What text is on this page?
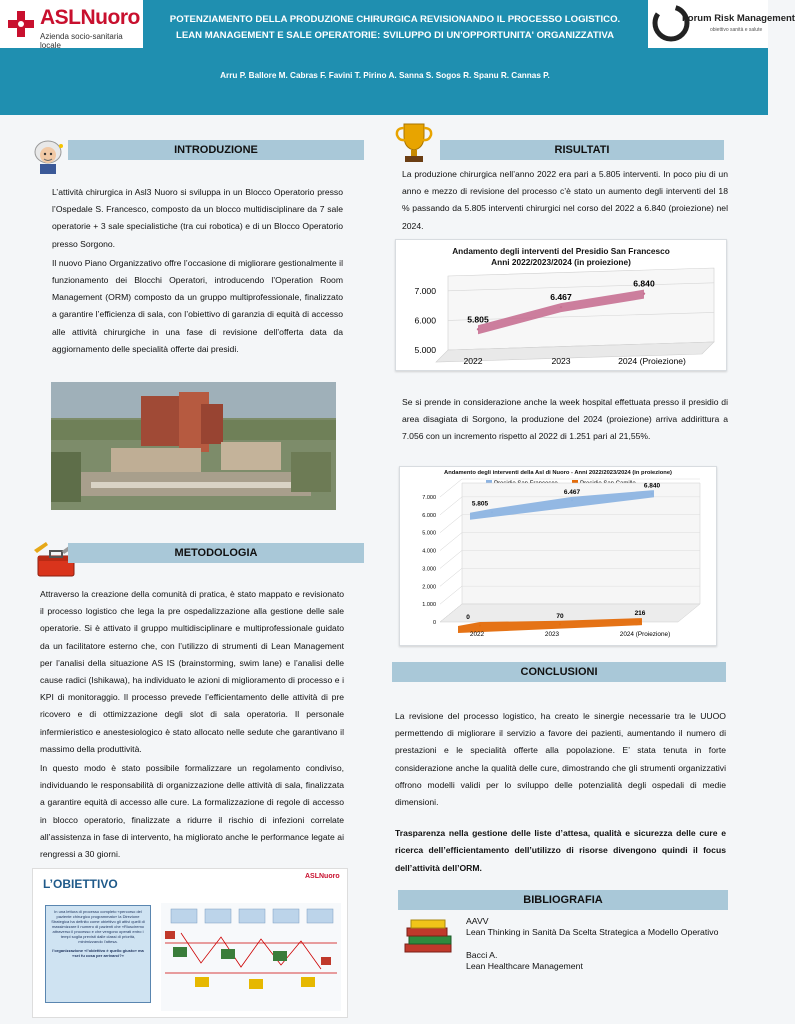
ASLNuoro
Azienda socio-sanitaria locale
POTENZIAMENTO DELLA PRODUZIONE CHIRURGICA REVISIONANDO IL PROCESSO LOGISTICO.
LEAN MANAGEMENT E SALE OPERATORIE: SVILUPPO DI UN'OPPORTUNITA' ORGANIZZATIVA
Arru P. Ballore M. Cabras F. Favini T. Pirino A. Sanna S. Sogos R. Spanu R. Cannas P.
Forum Risk Management
obiettivo sanità e salute
INTRODUZIONE

L’attività chirurgica in Asl3 Nuoro si sviluppa in un Blocco Operatorio presso l’Ospedale S. Francesco, composto da un blocco multidisciplinare da 7 sale operatorie + 3 sale specialistiche (tra cui robotica) e di un Blocco Operatorio presso Sorgono.

Il nuovo Piano Organizzativo offre l’occasione di migliorare gestionalmente il funzionamento dei Blocchi Operatori, introducendo l’Operation Room Management (ORM) composto da un gruppo multiprofessionale, finalizzato a garantire l’efficienza di sala, con l’obiettivo di garanzia di equità di accesso alle attività chirurgiche in una fase di revisione dell’offerta data da aggiornamento delle specialità offerte dai presidi.

METODOLOGIA

Attraverso la creazione della comunità di pratica, è stato mappato e revisionato il processo logistico che lega la pre ospedalizzazione alla gestione delle sale operatorie. Si è attivato il gruppo multidisciplinare e multiprofessionale guidato da un facilitatore esterno che, con l’utilizzo di strumenti di Lean Management per l’analisi della situazione AS IS (brainstorming, swim lane) e l’analisi delle cause radici (Ishikawa), ha individuato le azioni di miglioramento di processo e i KPI di monitoraggio. Il processo prevede l’efficientamento delle attività di pre ricovero e di ottimizzazione degli slot di sala operatoria. Il personale infermieristico e anestesiologico è stato allocato nelle sedute che garantivano il massimo della produttività.

In questo modo è stato possibile formalizzare un regolamento condiviso, individuando le responsabilità di organizzazione delle attività di sala, finalizzata a garantire equità di accesso alle cure. La formalizzazione di regole di accesso in blocco operatorio, finalizzate a ridurre il rischio di infezioni correlate all’assistenza in fase di intervento, ha migliorato anche le performance legate ai rengressi a 30 giorni.

L’OBIETTIVO
ASLNuoro
In una lettura di processo completo «percorso del paziente chirurgico programmato» la Direzione Strategica ha definito come obiettivo gli attivi quelli di massimizzare il numero di pazienti che «Riusciremo attraverso il processo e che vengono operati entro i tempi soglia previsti dalle classi di priorità, minimizzando l’attesa.
l’organizzazione «l’obiettivo è quello giusto» ma «sei fu cosa per arrivarci?»
RISULTATI
La produzione chirurgica nell’anno 2022 era pari a 5.805 interventi. In poco piu di un anno e mezzo di revisione del processo c’è stato un aumento degli interventi del 18 % passando da 5.805 interventi chirurgici nel corso del 2022 a 6.840 (proiezione) nel 2024.
Andamento degli interventi del Presidio San Francesco
Anni 2022/2023/2024 (in proiezione)
5.000
6.000
7.000
5.805
6.467
6.840
2022	2023	2024 (Proiezione)
Se si prende in considerazione anche la week hospital effettuata presso il presidio di area disagiata di Sorgono, la produzione del 2024 (proiezione) arriva addirittura a 7.056 con un incremento rispetto al 2022 di 1.251 pari al 21,55%.
Andamento degli interventi della Asl di Nuoro - Anni 2022/2023/2024 (in proiezione)
0
1.000
2.000
3.000
4.000
5.000
6.000
7.000
5.805
6.467
6.840
0	70	216
2022	2023	2024 (Proiezione)
CONCLUSIONI

La revisione del processo logistico, ha creato le sinergie necessarie tra le UUOO permettendo di migliorare il servizio a favore dei pazienti, aumentando il numero di prestazioni e le specialità offerte alla popolazione. E’ stata tenuta in forte considerazione anche la qualità delle cure, dimostrando che gli strumenti organizzativi offrono modelli validi per lo sviluppo delle potenzialità degli ospedali di medie dimensioni.

Trasparenza nella gestione delle liste d’attesa, qualità e sicurezza delle cure e ricerca dell’efficientamento dell’utilizzo di risorse divengono quindi il focus dell’attività dell’ORM.

BIBLIOGRAFIA
AAVV
Lean Thinking in Sanità Da Scelta Strategica a Modello Operativo
Bacci A.
Lean Healthcare Management
